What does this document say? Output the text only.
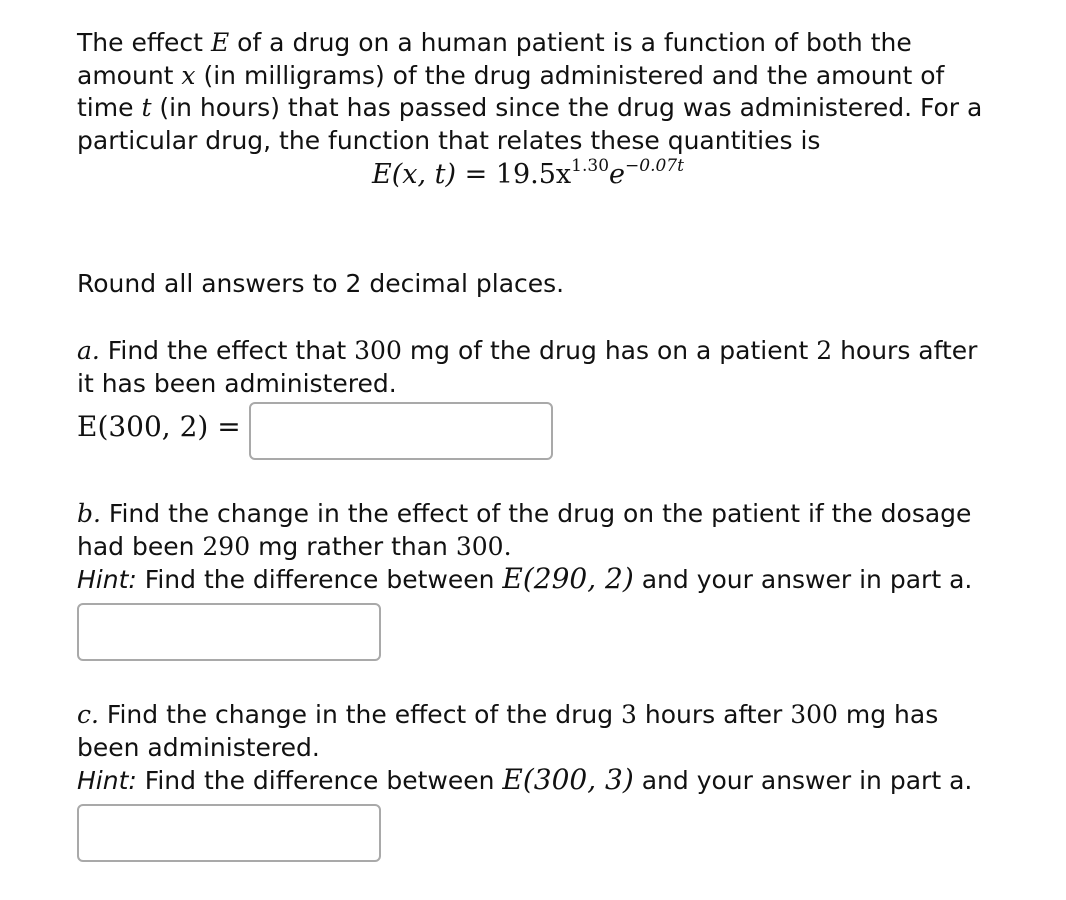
The effect E of a drug on a human patient is a function of both the
amount x (in milligrams) of the drug administered and the amount of
time t (in hours) that has passed since the drug was administered. For a
particular drug, the function that relates these quantities is
E(x, $t) = 19.5x^{1.30}e^{-0.07t}$
Round all answers to 2 decimal places.
a. Find the effect that 300 mg of the drug has on a patient 2 hours after
it has been administered.
E(300, 2) =
b. Find the change in the effect of the drug on the patient if the dosage
had been 290 mg rather than 300.
Hint: Find the difference between E(290, 2) and your answer in part a.
c. Find the change in the effect of the drug 3 hours after 300 mg has
been administered.
Hint: Find the difference between E(300, 3) and your answer in part a.
